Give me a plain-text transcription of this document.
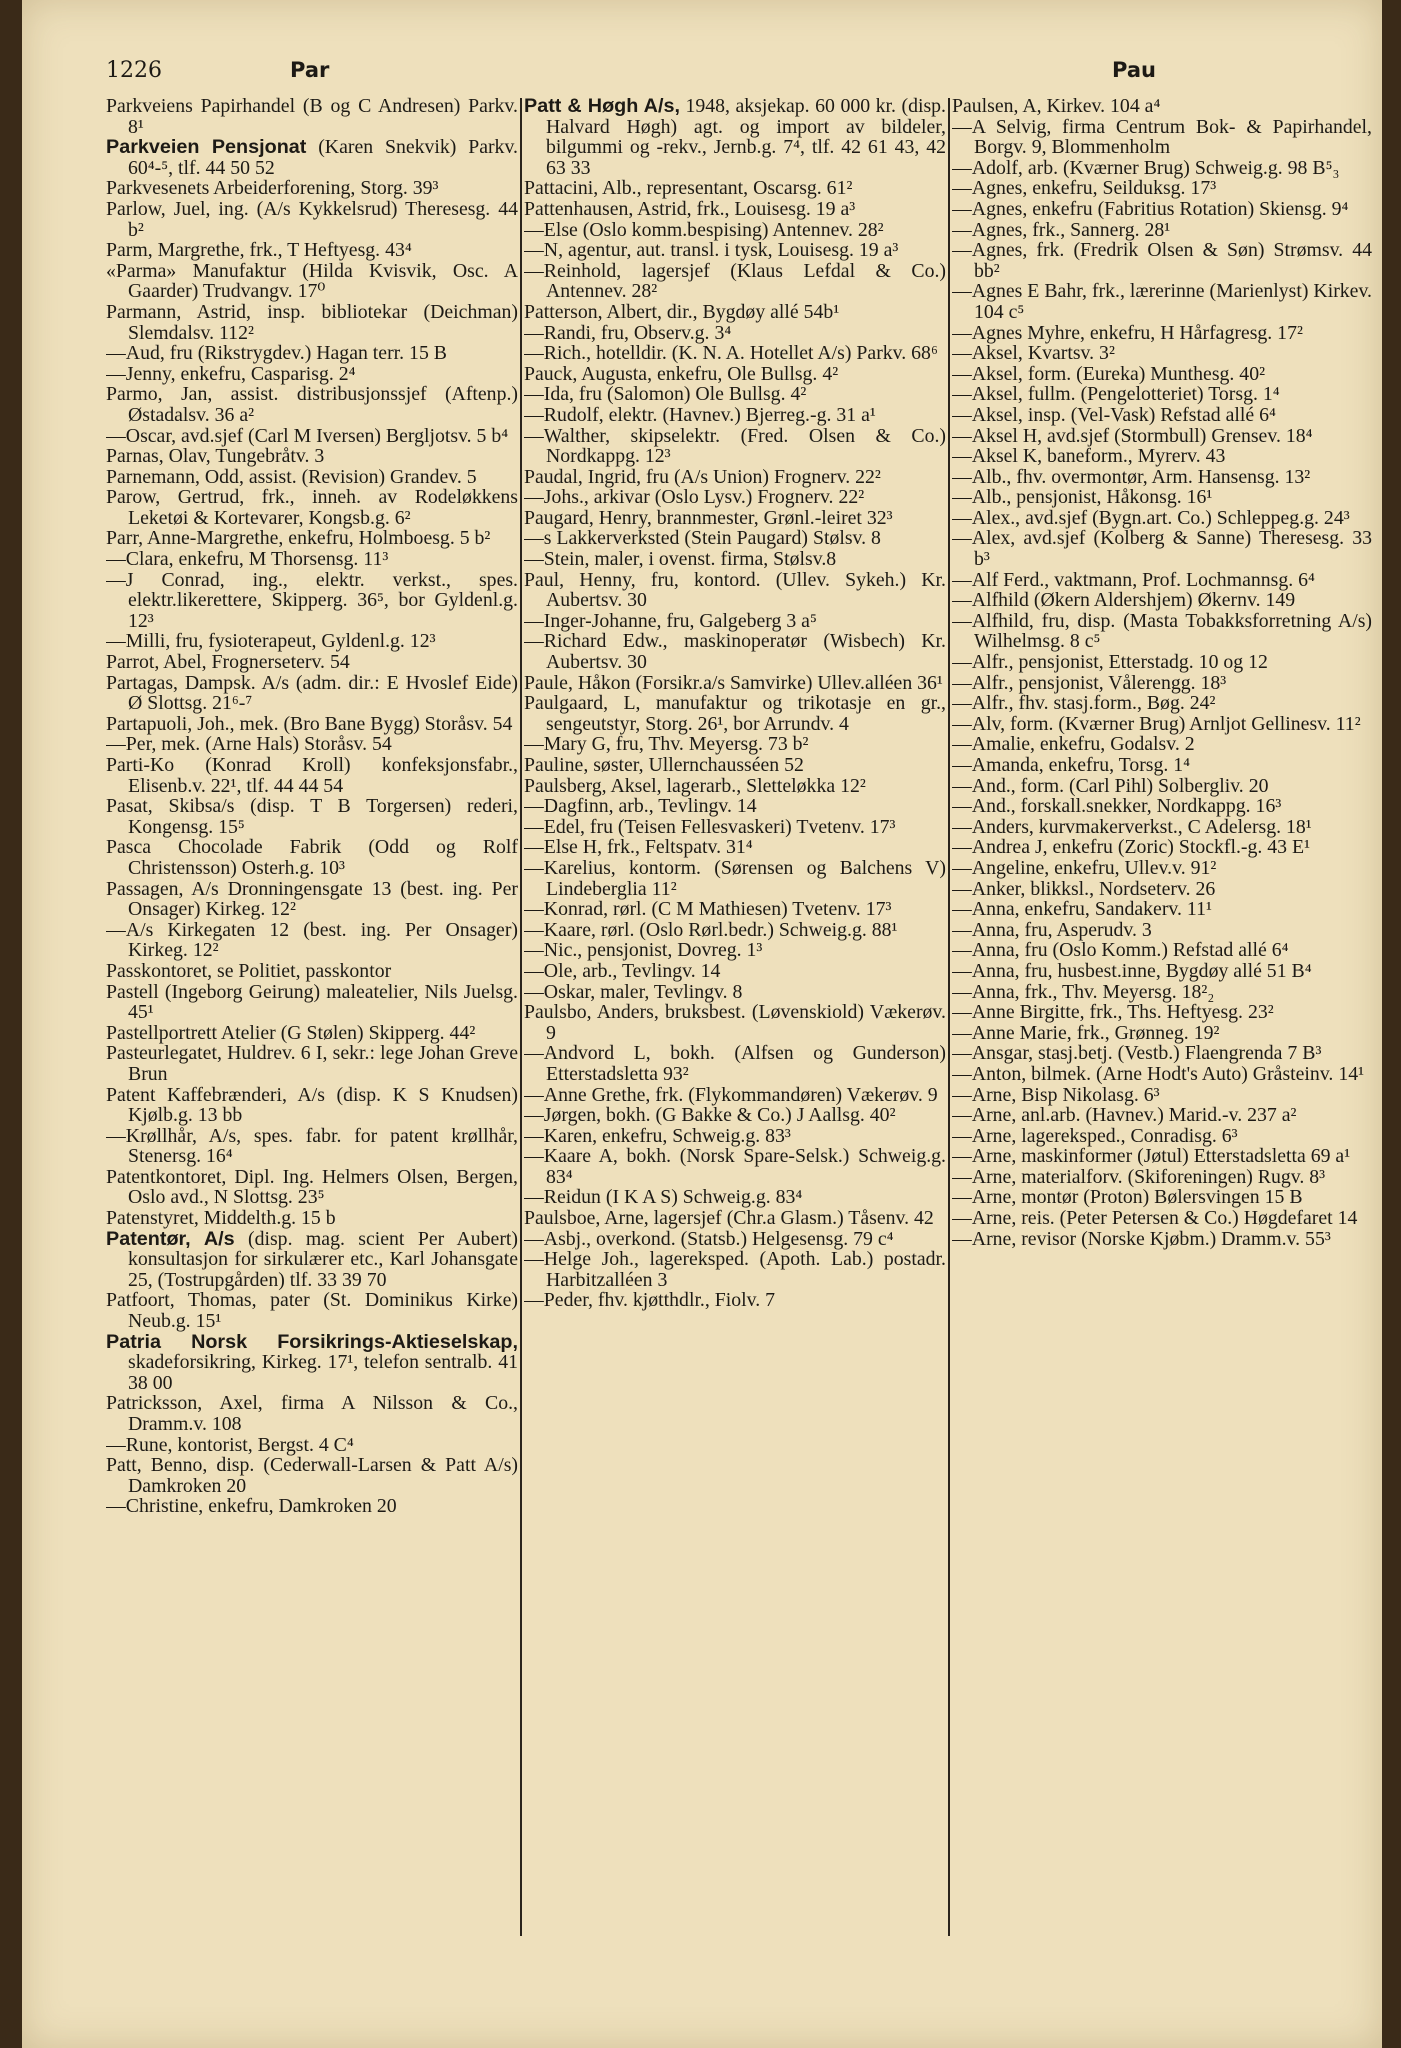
1226	Par	Pau
Parkveiens Papirhandel (B og C Andresen) Parkv. 8¹
Parkveien Pensjonat (Karen Snekvik) Parkv. 60⁴-⁵, tlf. 44 50 52
Parkvesenets Arbeiderforening, Storg. 39³
Parlow, Juel, ing. (A/s Kykkelsrud) Theresesg. 44 b²
Parm, Margrethe, frk., T Heftyesg. 43⁴
«Parma» Manufaktur (Hilda Kvisvik, Osc. A Gaarder) Trudvangv. 17⁰
Parmann, Astrid, insp. bibliotekar (Deichman) Slemdalsv. 112²
—Aud, fru (Rikstrygdev.) Hagan terr. 15 B
—Jenny, enkefru, Casparisg. 2⁴
Parmo, Jan, assist. distribusjonssjef (Aftenp.) Østadalsv. 36 a²
—Oscar, avd.sjef (Carl M Iversen) Bergljotsv. 5 b⁴
Parnas, Olav, Tungebråtv. 3
Parnemann, Odd, assist. (Revision) Grandev. 5
Parow, Gertrud, frk., inneh. av Rodeløkkens Leketøi & Kortevarer, Kongsb.g. 6²
Parr, Anne-Margrethe, enkefru, Holmboesg. 5 b²
—Clara, enkefru, M Thorsensg. 11³
—J Conrad, ing., elektr. verkst., spes. elektr.likerettere, Skipperg. 36⁵, bor Gyldenl.g. 12³
—Milli, fru, fysioterapeut, Gyldenl.g. 12³
Parrot, Abel, Frognerseterv. 54
Partagas, Dampsk. A/s (adm. dir.: E Hvoslef Eide) Ø Slottsg. 21⁶-⁷
Partapuoli, Joh., mek. (Bro Bane Bygg) Storåsv. 54
—Per, mek. (Arne Hals) Storåsv. 54
Parti-Ko (Konrad Kroll) konfeksjonsfabr., Elisenb.v. 22¹, tlf. 44 44 54
Pasat, Skibsa/s (disp. T B Torgersen) rederi, Kongensg. 15⁵
Pasca Chocolade Fabrik (Odd og Rolf Christensson) Osterh.g. 10³
Passagen, A/s Dronningensgate 13 (best. ing. Per Onsager) Kirkeg. 12²
—A/s Kirkegaten 12 (best. ing. Per Onsager) Kirkeg. 12²
Passkontoret, se Politiet, passkontor
Pastell (Ingeborg Geirung) maleatelier, Nils Juelsg. 45¹
Pastellportrett Atelier (G Stølen) Skipperg. 44²
Pasteurlegatet, Huldrev. 6 I, sekr.: lege Johan Greve Brun
Patent Kaffebrænderi, A/s (disp. K S Knudsen) Kjølb.g. 13 bb
—Krøllhår, A/s, spes. fabr. for patent krøllhår, Stenersg. 16⁴
Patentkontoret, Dipl. Ing. Helmers Olsen, Bergen, Oslo avd., N Slottsg. 23⁵
Patenstyret, Middelth.g. 15 b
Patentør, A/s (disp. mag. scient Per Aubert) konsultasjon for sirkulærer etc., Karl Johansgate 25, (Tostrupgården) tlf. 33 39 70
Patfoort, Thomas, pater (St. Dominikus Kirke) Neub.g. 15¹
Patria Norsk Forsikrings-Aktieselskap, skadeforsikring, Kirkeg. 17¹, telefon sentralb. 41 38 00
Patricksson, Axel, firma A Nilsson & Co., Dramm.v. 108
—Rune, kontorist, Bergst. 4 C⁴
Patt, Benno, disp. (Cederwall-Larsen & Patt A/s) Damkroken 20
—Christine, enkefru, Damkroken 20
Patt & Høgh A/s, 1948, aksjekap. 60 000 kr. (disp. Halvard Høgh) agt. og import av bildeler, bilgummi og -rekv., Jernb.g. 7⁴, tlf. 42 61 43, 42 63 33
Pattacini, Alb., representant, Oscarsg. 61²
Pattenhausen, Astrid, frk., Louisesg. 19 a³
—Else (Oslo komm.bespising) Antennev. 28²
—N, agentur, aut. transl. i tysk, Louisesg. 19 a³
—Reinhold, lagersjef (Klaus Lefdal & Co.) Antennev. 28²
Patterson, Albert, dir., Bygdøy allé 54b¹
—Randi, fru, Observ.g. 3⁴
—Rich., hotelldir. (K. N. A. Hotellet A/s) Parkv. 68⁶
Pauck, Augusta, enkefru, Ole Bullsg. 4²
—Ida, fru (Salomon) Ole Bullsg. 4²
—Rudolf, elektr. (Havnev.) Bjerreg.-g. 31 a¹
—Walther, skipselektr. (Fred. Olsen & Co.) Nordkappg. 12³
Paudal, Ingrid, fru (A/s Union) Frognerv. 22²
—Johs., arkivar (Oslo Lysv.) Frognerv. 22²
Paugard, Henry, brannmester, Grønl.-leiret 32³
—s Lakkerverksted (Stein Paugard) Stølsv. 8
—Stein, maler, i ovenst. firma, Stølsv.8
Paul, Henny, fru, kontord. (Ullev. Sykeh.) Kr. Aubertsv. 30
—Inger-Johanne, fru, Galgeberg 3 a⁵
—Richard Edw., maskinoperatør (Wisbech) Kr. Aubertsv. 30
Paule, Håkon (Forsikr.a/s Samvirke) Ullev.alléen 36¹
Paulgaard, L, manufaktur og trikotasje en gr., sengeutstyr, Storg. 26¹, bor Arrundv. 4
—Mary G, fru, Thv. Meyersg. 73 b²
Pauline, søster, Ullernchausséen 52
Paulsberg, Aksel, lagerarb., Sletteløkka 12²
—Dagfinn, arb., Tevlingv. 14
—Edel, fru (Teisen Fellesvaskeri) Tvetenv. 17³
—Else H, frk., Feltspatv. 31⁴
—Karelius, kontorm. (Sørensen og Balchens V) Lindebergliа 11²
—Konrad, rørl. (C M Mathiesen) Tvetenv. 17³
—Kaare, rørl. (Oslo Rørl.bedr.) Schweig.g. 88¹
—Nic., pensjonist, Dovreg. 1³
—Ole, arb., Tevlingv. 14
—Oskar, maler, Tevlingv. 8
Paulsbo, Anders, bruksbest. (Løvenskiold) Vækerøv. 9
—Andvord L, bokh. (Alfsen og Gunderson) Etterstadsletta 93²
—Anne Grethe, frk. (Flykommandøren) Vækerøv. 9
—Jørgen, bokh. (G Bakke & Co.) J Aallsg. 40²
—Karen, enkefru, Schweig.g. 83³
—Kaare A, bokh. (Norsk Spare-Selsk.) Schweig.g. 83⁴
—Reidun (I K A S) Schweig.g. 83⁴
Paulsboe, Arne, lagersjef (Chr.a Glasm.) Tåsenv. 42
—Asbj., overkond. (Statsb.) Helgesensg. 79 c⁴
—Helge Joh., lagereksped. (Apoth. Lab.) postadr. Harbitzalléen 3
—Peder, fhv. kjøtthdlr., Fiolv. 7
Paulsen, A, Kirkev. 104 a⁴
—A Selvig, firma Centrum Bok- & Papirhandel, Borgv. 9, Blommenholm
—Adolf, arb. (Kværner Brug) Schweig.g. 98 B⁵₃
—Agnes, enkefru, Seilduksg. 17³
—Agnes, enkefru (Fabritius Rotation) Skiensg. 9⁴
—Agnes, frk., Sannerg. 28¹
—Agnes, frk. (Fredrik Olsen & Søn) Strømsv. 44 bb²
—Agnes E Bahr, frk., lærerinne (Marienlyst) Kirkev. 104 c⁵
—Agnes Myhre, enkefru, H Hårfagresg. 17²
—Aksel, Kvartsv. 3²
—Aksel, form. (Eureka) Munthesg. 40²
—Aksel, fullm. (Pengelotteriet) Torsg. 1⁴
—Aksel, insp. (Vel-Vask) Refstad allé 6⁴
—Aksel H, avd.sjef (Stormbull) Grensev. 18⁴
—Aksel K, baneform., Myrerv. 43
—Alb., fhv. overmontør, Arm. Hansensg. 13²
—Alb., pensjonist, Håkonsg. 16¹
—Alex., avd.sjef (Bygn.art. Co.) Schleppeg.g. 24³
—Alex, avd.sjef (Kolberg & Sanne) Theresesg. 33 b³
—Alf Ferd., vaktmann, Prof. Lochmannsg. 6⁴
—Alfhild (Økern Aldershjem) Økernv. 149
—Alfhild, fru, disp. (Masta Tobakksforretning A/s) Wilhelmsg. 8 c⁵
—Alfr., pensjonist, Etterstadg. 10 og 12
—Alfr., pensjonist, Vålerengg. 18³
—Alfr., fhv. stasj.form., Bøg. 24²
—Alv, form. (Kværner Brug) Arnljot Gellinesv. 11²
—Amalie, enkefru, Godalsv. 2
—Amanda, enkefru, Torsg. 1⁴
—And., form. (Carl Pihl) Solbergliv. 20
—And., forskall.snekker, Nordkappg. 16³
—Anders, kurvmakerverkst., C Adelersg. 18¹
—Andrea J, enkefru (Zoric) Stockfl.-g. 43 E¹
—Angeline, enkefru, Ullev.v. 91²
—Anker, blikksl., Nordseterv. 26
—Anna, enkefru, Sandakerv. 11¹
—Anna, fru, Asperudv. 3
—Anna, fru (Oslo Komm.) Refstad allé 6⁴
—Anna, fru, husbest.inne, Bygdøy allé 51 B⁴
—Anna, frk., Thv. Meyersg. 18²₂
—Anne Birgitte, frk., Ths. Heftyesg. 23²
—Anne Marie, frk., Grønneg. 19²
—Ansgar, stasj.betj. (Vestb.) Flaengrenda 7 B³
—Anton, bilmek. (Arne Hodt's Auto) Gråsteinv. 14¹
—Arne, Bisp Nikolasg. 6³
—Arne, anl.arb. (Havnev.) Marid.-v. 237 a²
—Arne, lagereksped., Conradisg. 6³
—Arne, maskinformer (Jøtul) Etterstadsletta 69 a¹
—Arne, materialforv. (Skiforeningen) Rugv. 8³
—Arne, montør (Proton) Bølersvingen 15 B
—Arne, reis. (Peter Petersen & Co.) Høgdefaret 14
—Arne, revisor (Norske Kjøbm.) Dramm.v. 55³
